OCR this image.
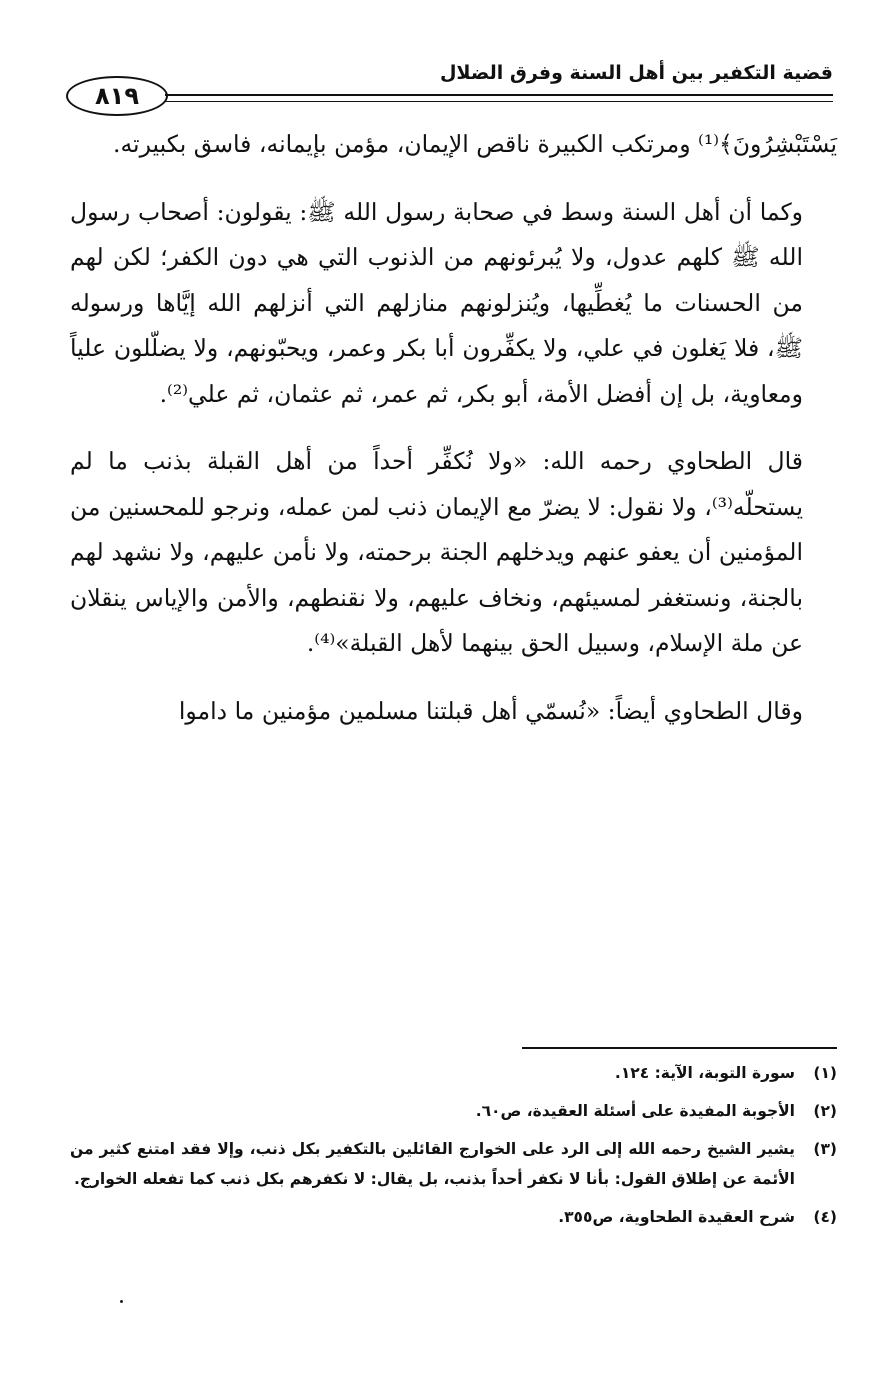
قضية التكفير بين أهل السنة وفرق الضلال
٨١٩

يَسْتَبْشِرُونَ﴾⁽¹⁾ ومرتكب الكبيرة ناقص الإيمان، مؤمن بإيمانه، فاسق بكبيرته.

وكما أن أهل السنة وسط في صحابة رسول الله ﷺ: يقولون: أصحاب رسول الله ﷺ كلهم عدول، ولا يُبرئونهم من الذنوب التي هي دون الكفر؛ لكن لهم من الحسنات ما يُغطِّيها، ويُنزلونهم منازلهم التي أنزلهم الله إيَّاها ورسوله ﷺ، فلا يَغلون في علي، ولا يكفِّرون أبا بكر وعمر، ويحبّونهم، ولا يضلّلون علياً ومعاوية، بل إن أفضل الأمة، أبو بكر، ثم عمر، ثم عثمان، ثم علي⁽²⁾.

قال الطحاوي رحمه الله: «ولا نُكفِّر أحداً من أهل القبلة بذنب ما لم يستحلّه⁽³⁾، ولا نقول: لا يضرّ مع الإيمان ذنب لمن عمله، ونرجو للمحسنين من المؤمنين أن يعفو عنهم ويدخلهم الجنة برحمته، ولا نأمن عليهم، ولا نشهد لهم بالجنة، ونستغفر لمسيئهم، ونخاف عليهم، ولا نقنطهم، والأمن والإياس ينقلان عن ملة الإسلام، وسبيل الحق بينهما لأهل القبلة»⁽⁴⁾.

وقال الطحاوي أيضاً: «نُسمّي أهل قبلتنا مسلمين مؤمنين ما داموا

(١)سورة التوبة، الآية: ١٢٤.

(٢)الأجوبة المفيدة على أسئلة العقيدة، ص٦٠.

(٣)يشير الشيخ رحمه الله إلى الرد على الخوارج القائلين بالتكفير بكل ذنب، وإلا فقد امتنع كثير من الأئمة عن إطلاق القول: بأنا لا نكفر أحداً بذنب، بل يقال: لا نكفرهم بكل ذنب كما تفعله الخوارج.

(٤)شرح العقيدة الطحاوية، ص٣٥٥.
